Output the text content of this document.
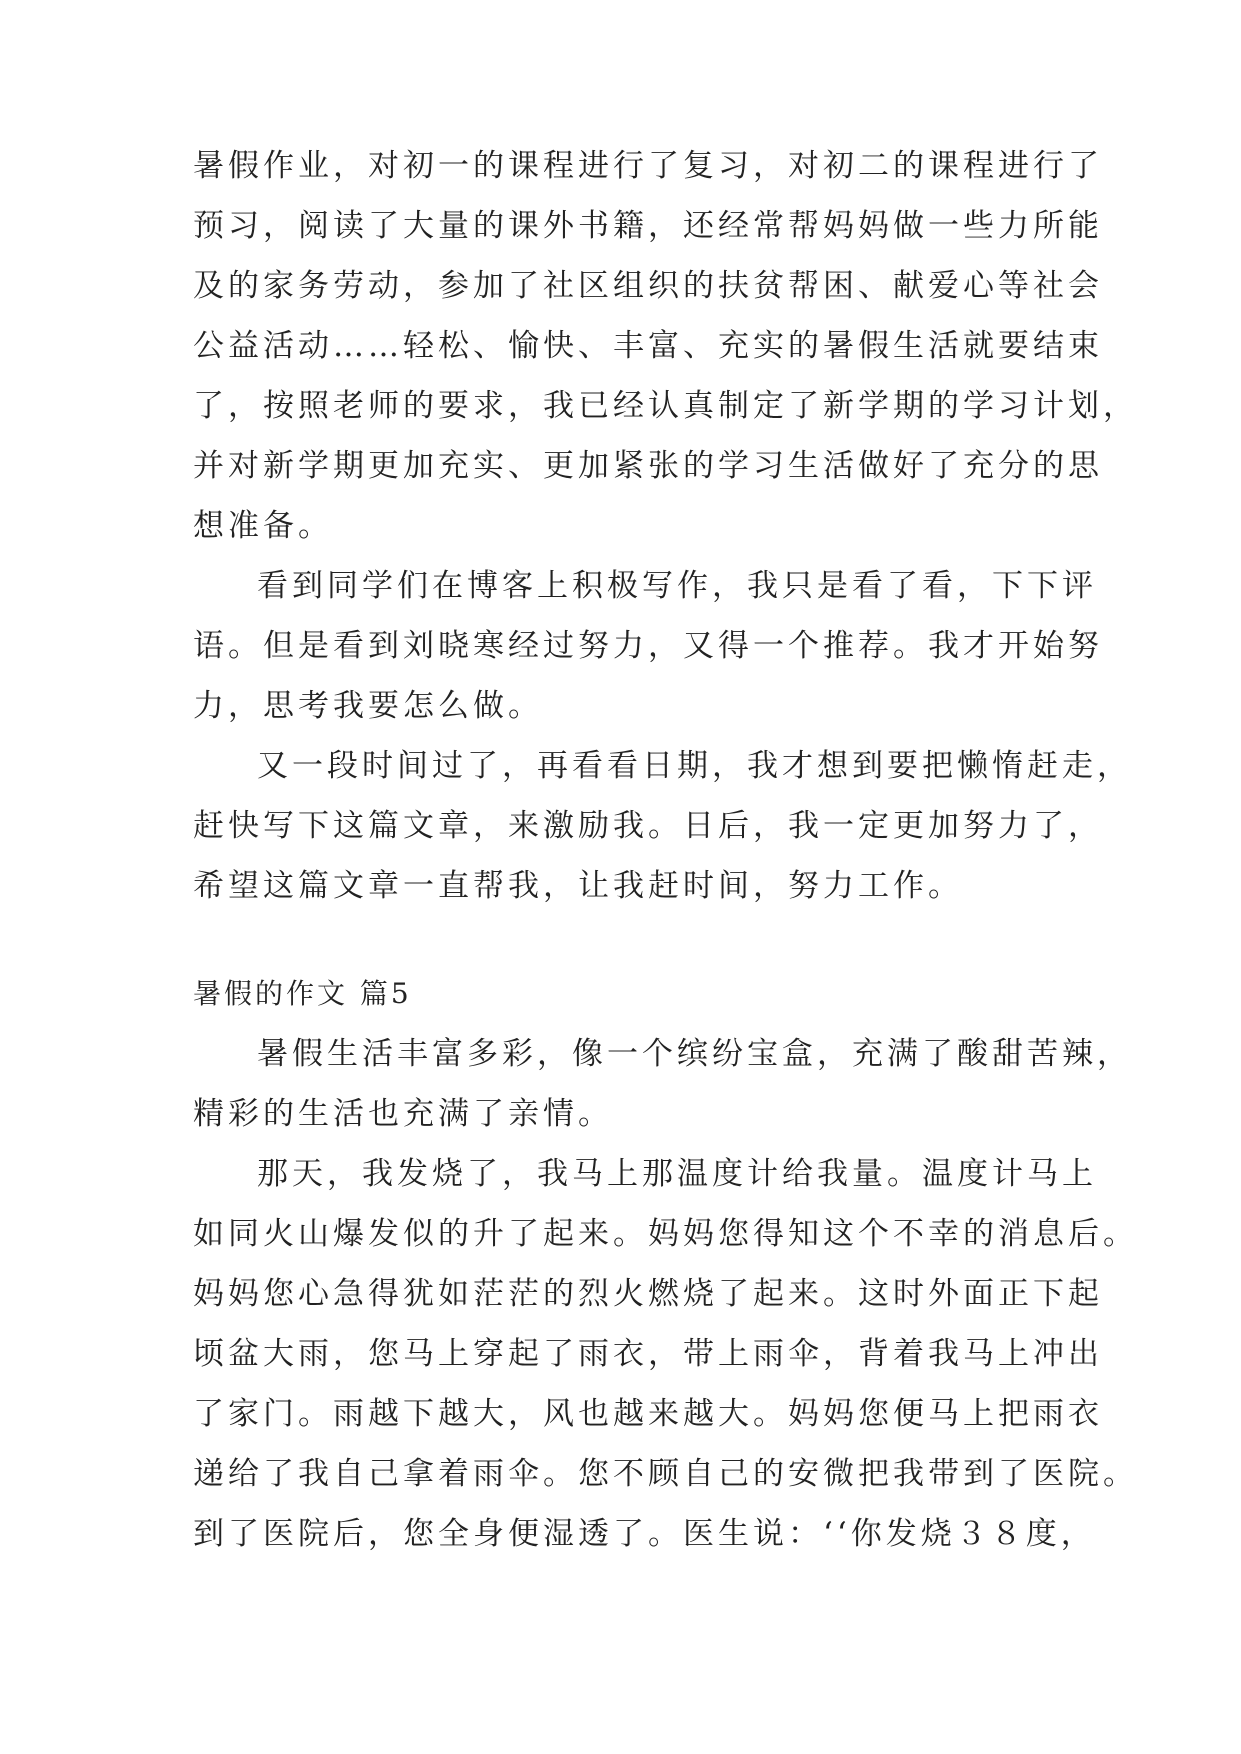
暑假作业，对初一的课程进行了复习，对初二的课程进行了
预习，阅读了大量的课外书籍，还经常帮妈妈做一些力所能
及的家务劳动，参加了社区组织的扶贫帮困、献爱心等社会
公益活动……轻松、愉快、丰富、充实的暑假生活就要结束
了，按照老师的要求，我已经认真制定了新学期的学习计划，
并对新学期更加充实、更加紧张的学习生活做好了充分的思
想准备。
看到同学们在博客上积极写作，我只是看了看，下下评
语。但是看到刘晓寒经过努力，又得一个推荐。我才开始努
力，思考我要怎么做。
又一段时间过了，再看看日期，我才想到要把懒惰赶走，
赶快写下这篇文章，来激励我。日后，我一定更加努力了，
希望这篇文章一直帮我，让我赶时间，努力工作。
暑假的作文 篇5
暑假生活丰富多彩，像一个缤纷宝盒，充满了酸甜苦辣，
精彩的生活也充满了亲情。
那天，我发烧了，我马上那温度计给我量。温度计马上
如同火山爆发似的升了起来。妈妈您得知这个不幸的消息后。
妈妈您心急得犹如茫茫的烈火燃烧了起来。这时外面正下起
顷盆大雨，您马上穿起了雨衣，带上雨伞，背着我马上冲出
了家门。雨越下越大，风也越来越大。妈妈您便马上把雨衣
递给了我自己拿着雨伞。您不顾自己的安微把我带到了医院。
到了医院后，您全身便湿透了。医生说：‘‘你发烧３８度，
